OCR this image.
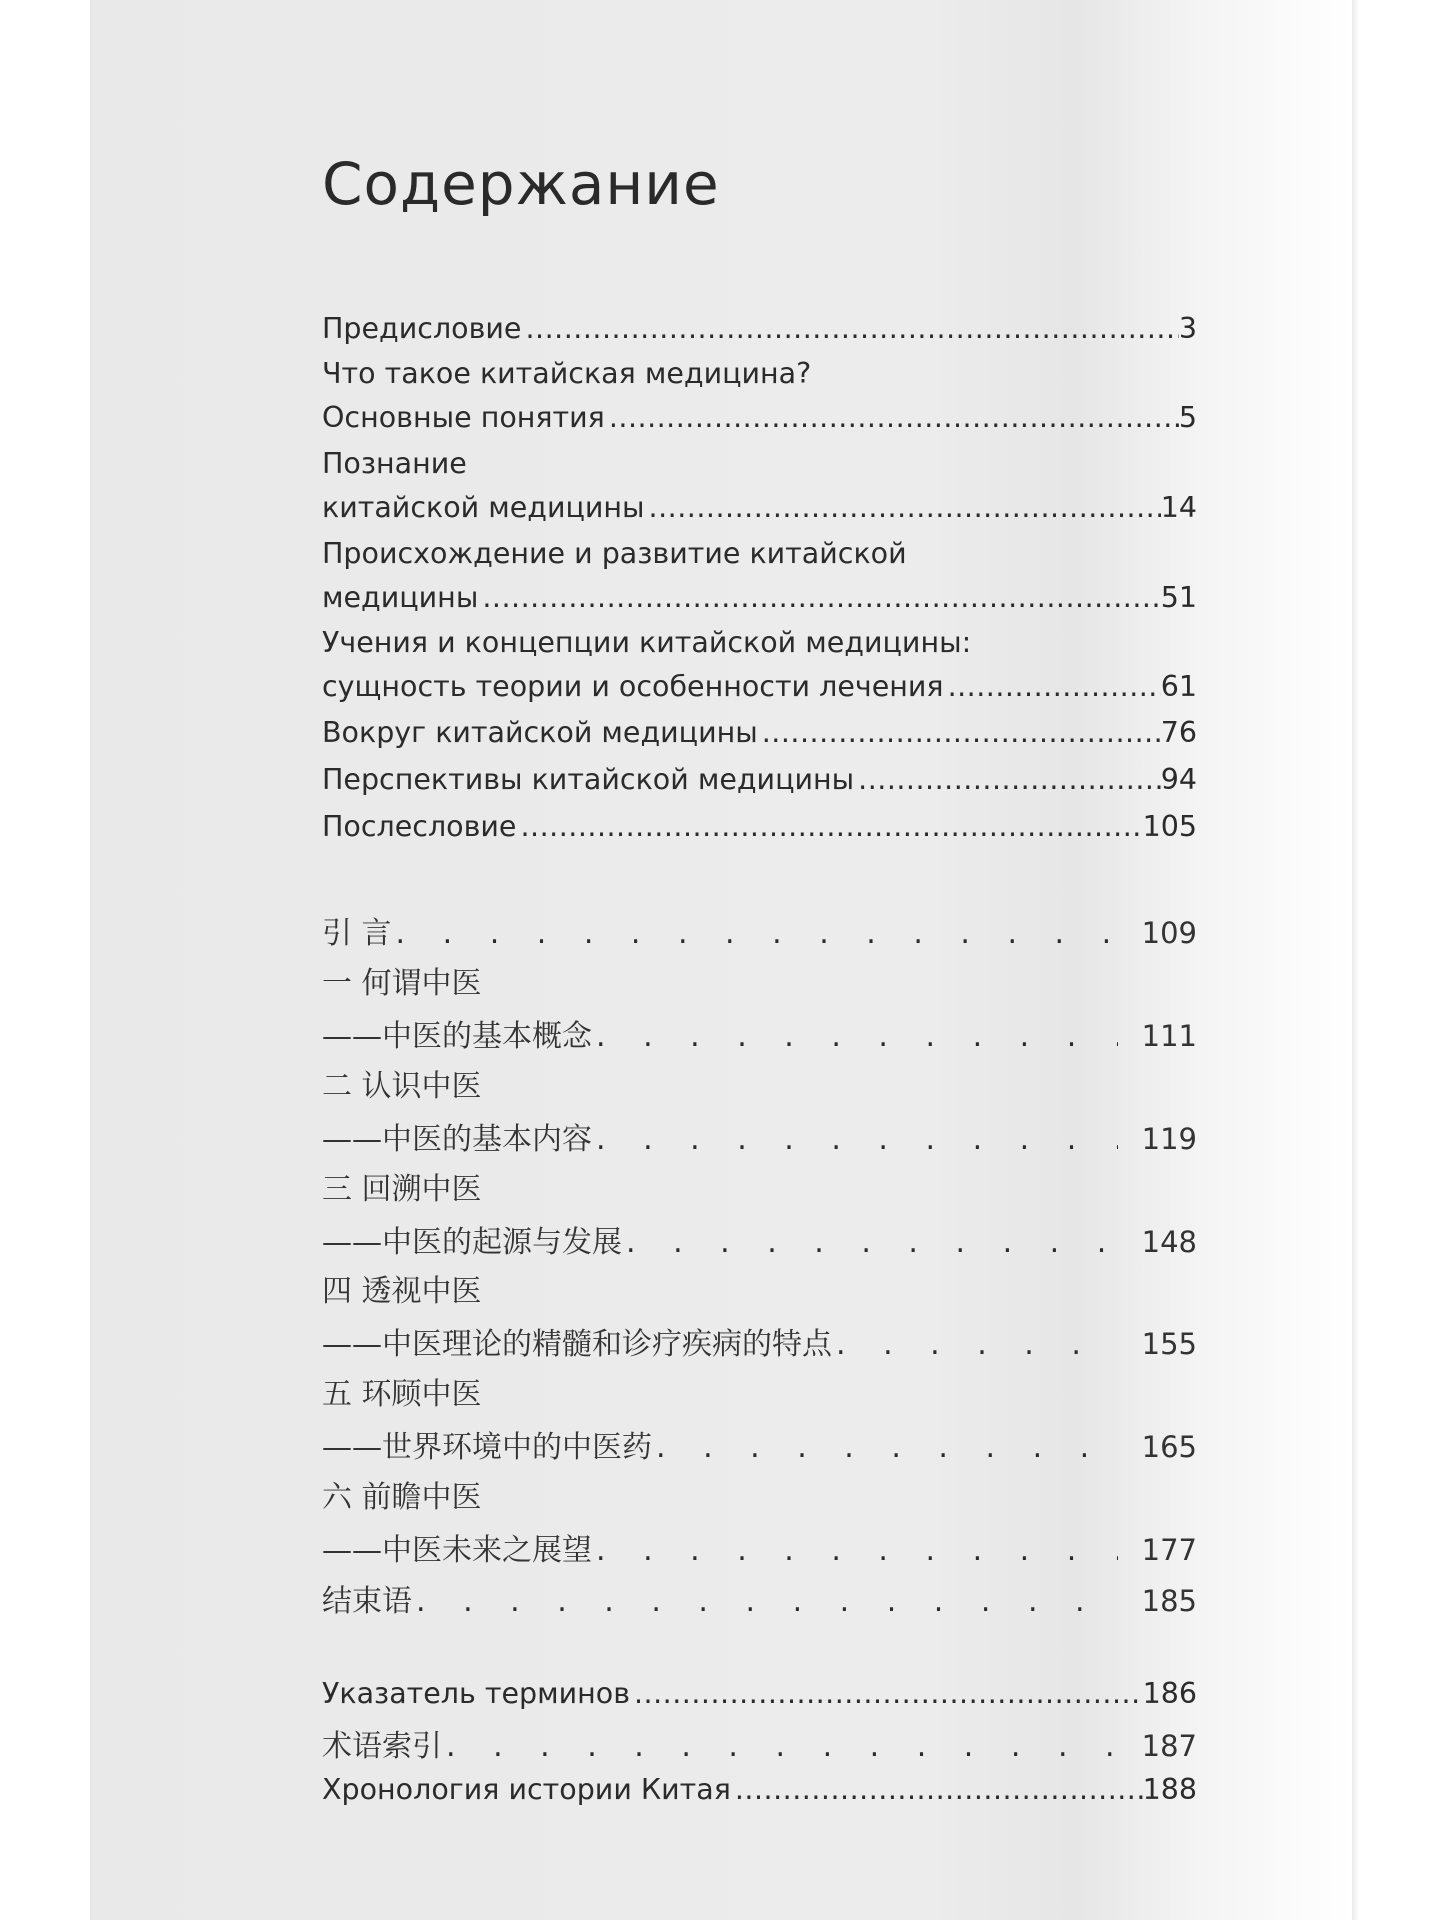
Содержание
Предисловие .....	3
Что такое китайская медицина?
Основные понятия .....	5
Познание
китайской медицины .....	14
Происхождение и развитие китайской
медицины .....	51
Учения и концепции китайской медицины:
сущность теории и особенности лечения .....	61
Вокруг китайской медицины .....	76
Перспективы китайской медицины .....	94
Послесловие .....	105
引 言 . . .	109
一 何谓中医
——中医的基本概念 . . .	111
二 认识中医
——中医的基本内容 . . .	119
三 回溯中医
——中医的起源与发展 . . .	148
四 透视中医
——中医理论的精髓和诊疗疾病的特点 . . .	155
五 环顾中医
——世界环境中的中医药 . . .	165
六 前瞻中医
——中医未来之展望 . . .	177
结束语 . . .	185
Указатель терминов .....	186
术语索引 . . .	187
Хронология истории Китая .....	188
